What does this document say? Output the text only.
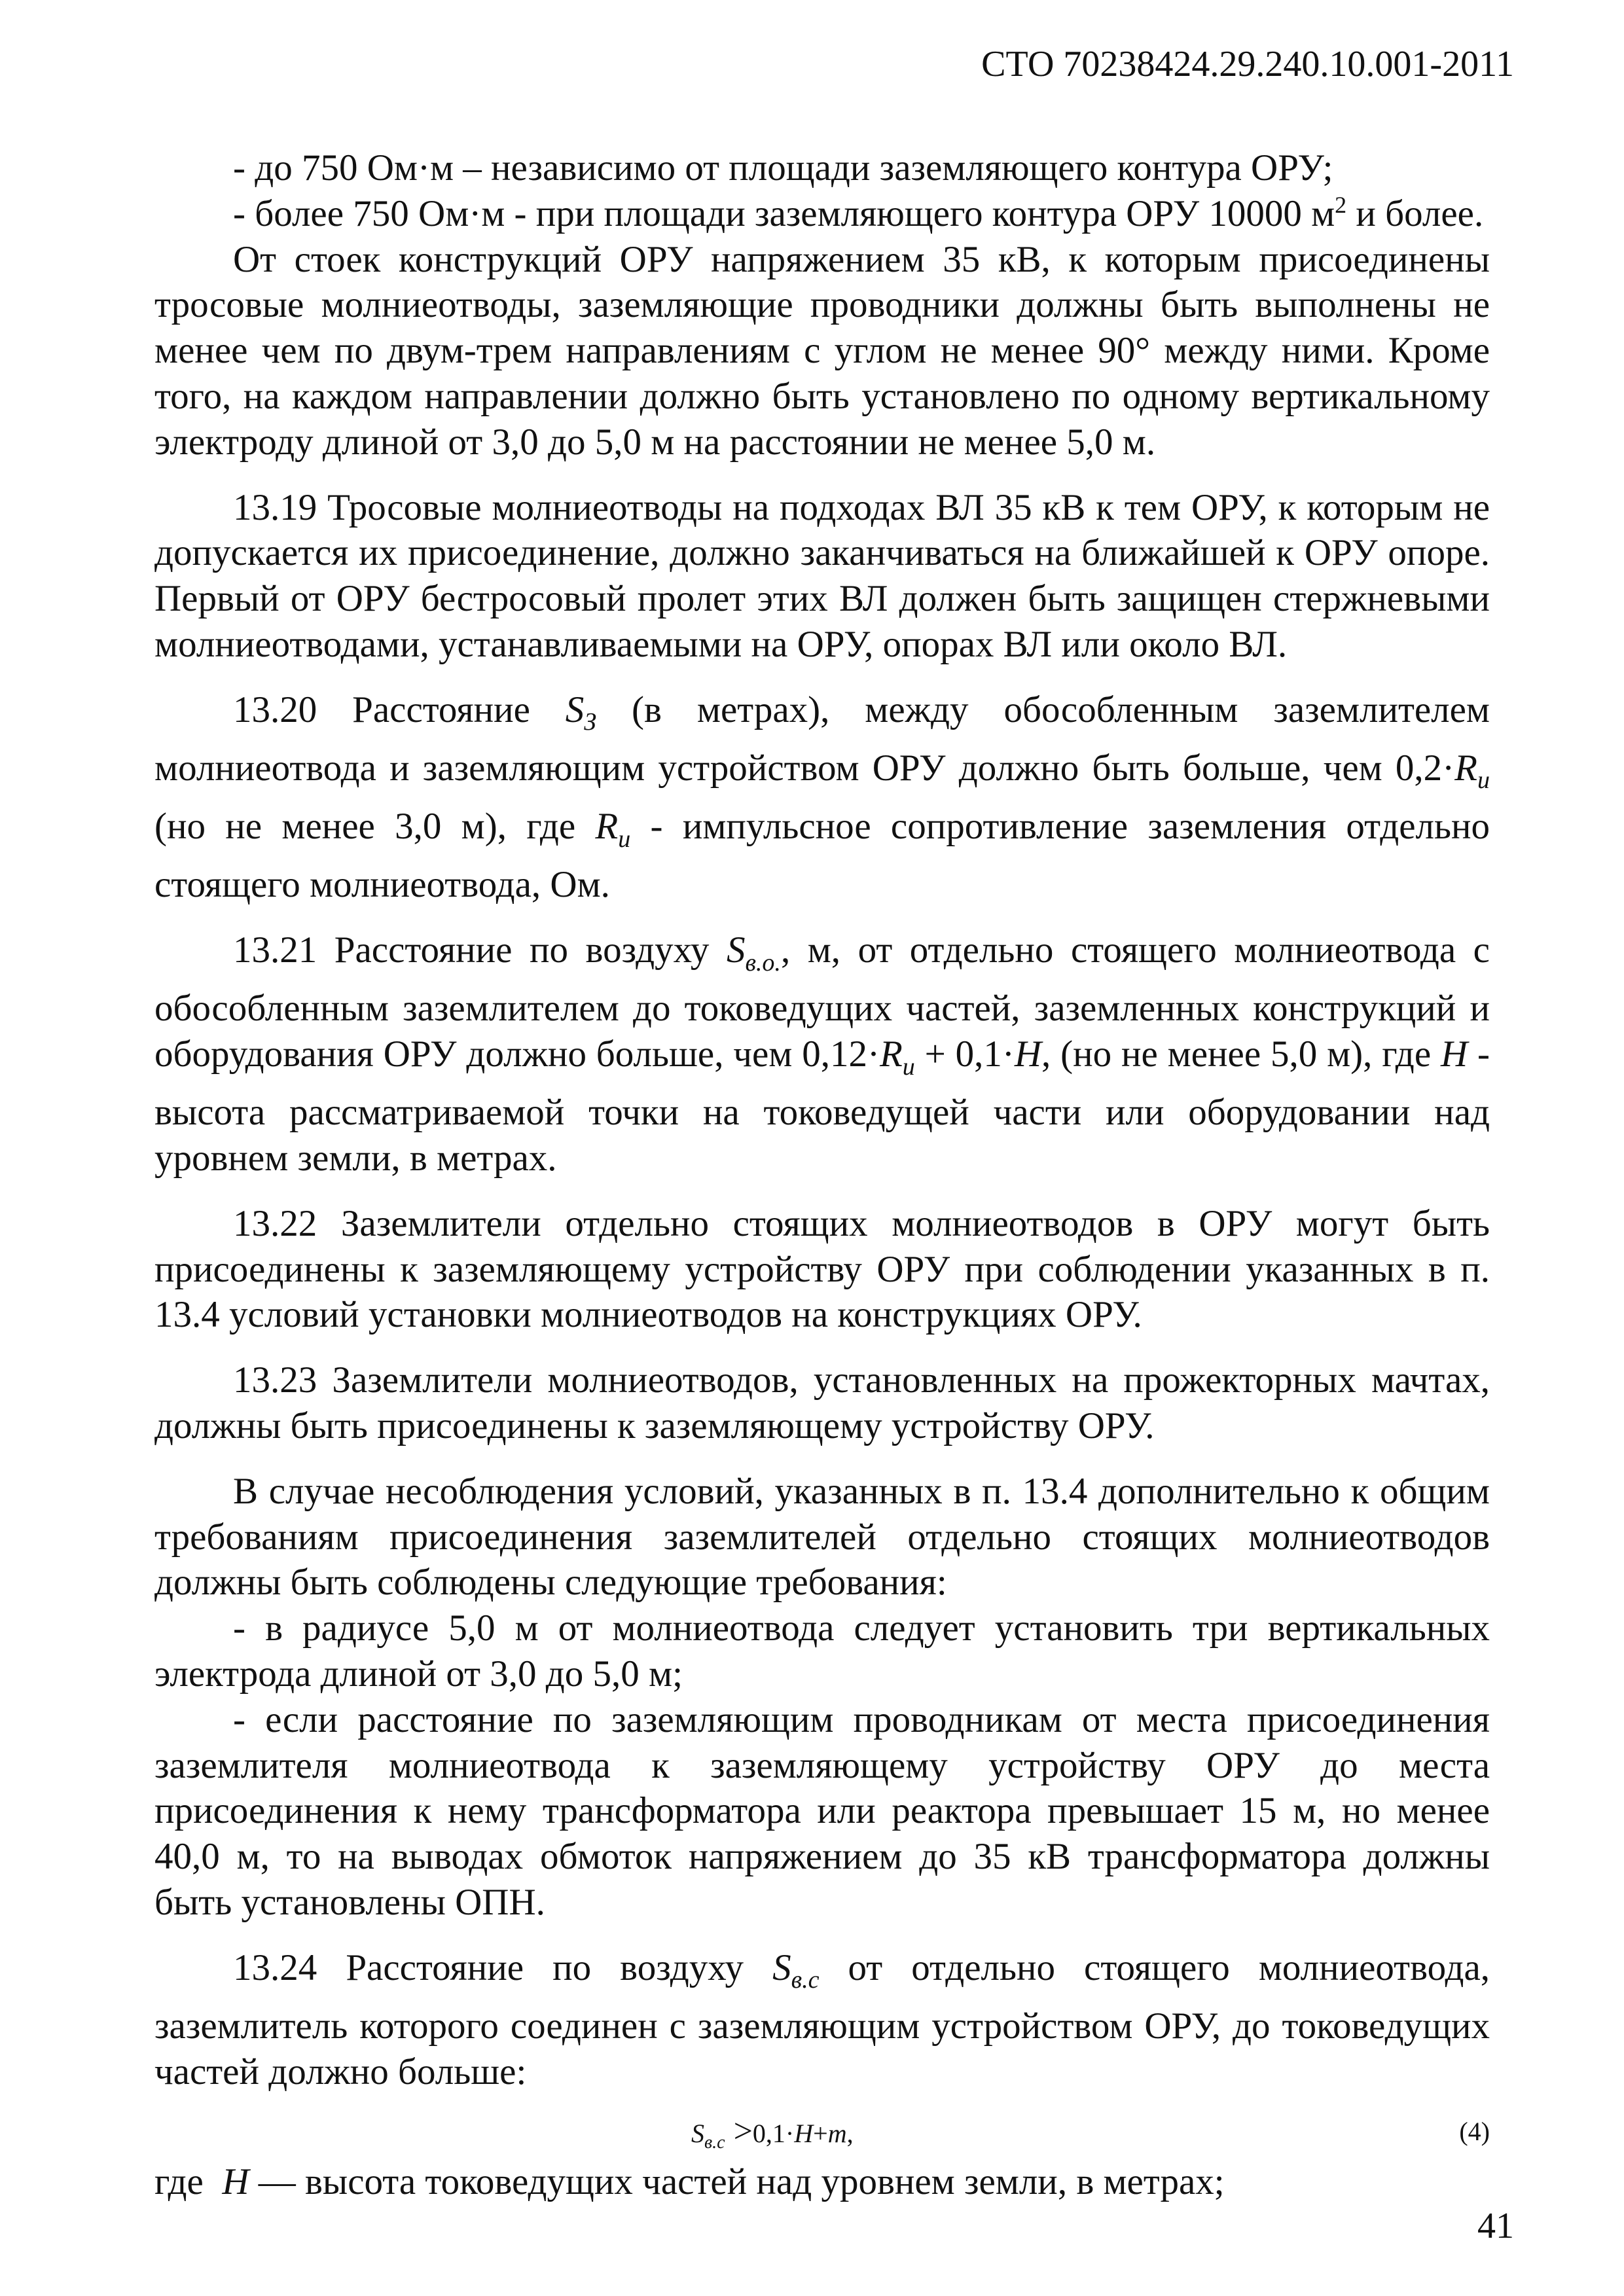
СТО 70238424.29.240.10.001-2011

- до 750 Ом·м – независимо от площади заземляющего контура ОРУ;

- более 750 Ом·м - при площади заземляющего контура ОРУ 10000 $м^2$ и более.

От стоек конструкций ОРУ напряжением 35 кВ, к которым присоединены тросовые молниеотводы, заземляющие проводники должны быть выполнены не менее чем по двум-трем направлениям с углом не менее 90° между ними. Кроме того, на каждом направлении должно быть установлено по одному вертикальному электроду длиной от 3,0 до 5,0 м на расстоянии не менее 5,0 м.

13.19 Тросовые молниеотводы на подходах ВЛ 35 кВ к тем ОРУ, к которым не допускается их присоединение, должно заканчиваться на ближайшей к ОРУ опоре. Первый от ОРУ бестросовый пролет этих ВЛ должен быть защищен стержневыми молниеотводами, устанавливаемыми на ОРУ, опорах ВЛ или около ВЛ.

13.20 Расстояние $S_З$ (в метрах), между обособленным заземлителем молниеотвода и заземляющим устройством ОРУ должно быть больше, чем $0,2\cdot R_и$ (но не менее 3,0 м), где $R_и$ - импульсное сопротивление заземления отдельно стоящего молниеотвода, Ом.

13.21 Расстояние по воздуху $S_{в.о.}$, м, от отдельно стоящего молниеотвода с обособленным заземлителем до токоведущих частей, заземленных конструкций и оборудования ОРУ должно больше, чем $0,12\cdot R_и + 0,1\cdot H$, (но не менее 5,0 м), где H - высота рассматриваемой точки на токоведущей части или оборудовании над уровнем земли, в метрах.

13.22 Заземлители отдельно стоящих молниеотводов в ОРУ могут быть присоединены к заземляющему устройству ОРУ при соблюдении указанных в п. 13.4 условий установки молниеотводов на конструкциях ОРУ.

13.23 Заземлители молниеотводов, установленных на прожекторных мачтах, должны быть присоединены к заземляющему устройству ОРУ.

В случае несоблюдения условий, указанных в п. 13.4 дополнительно к общим требованиям присоединения заземлителей отдельно стоящих молниеотводов должны быть соблюдены следующие требования:

- в радиусе 5,0 м от молниеотвода следует установить три вертикальных электрода длиной от 3,0 до 5,0 м;

- если расстояние по заземляющим проводникам от места присоединения заземлителя молниеотвода к заземляющему устройству ОРУ до места присоединения к нему трансформатора или реактора превышает 15 м, но менее 40,0 м, то на выводах обмоток напряжением до 35 кВ трансформатора должны быть установлены ОПН.

13.24 Расстояние по воздуху $S_{в.с}$ от отдельно стоящего молниеотвода, заземлитель которого соединен с заземляющим устройством ОРУ, до токоведущих частей должно больше:

$S_{в.с} >0,1\cdot H+m$,	(4)

где  H — высота токоведущих частей над уровнем земли, в метрах;

41
